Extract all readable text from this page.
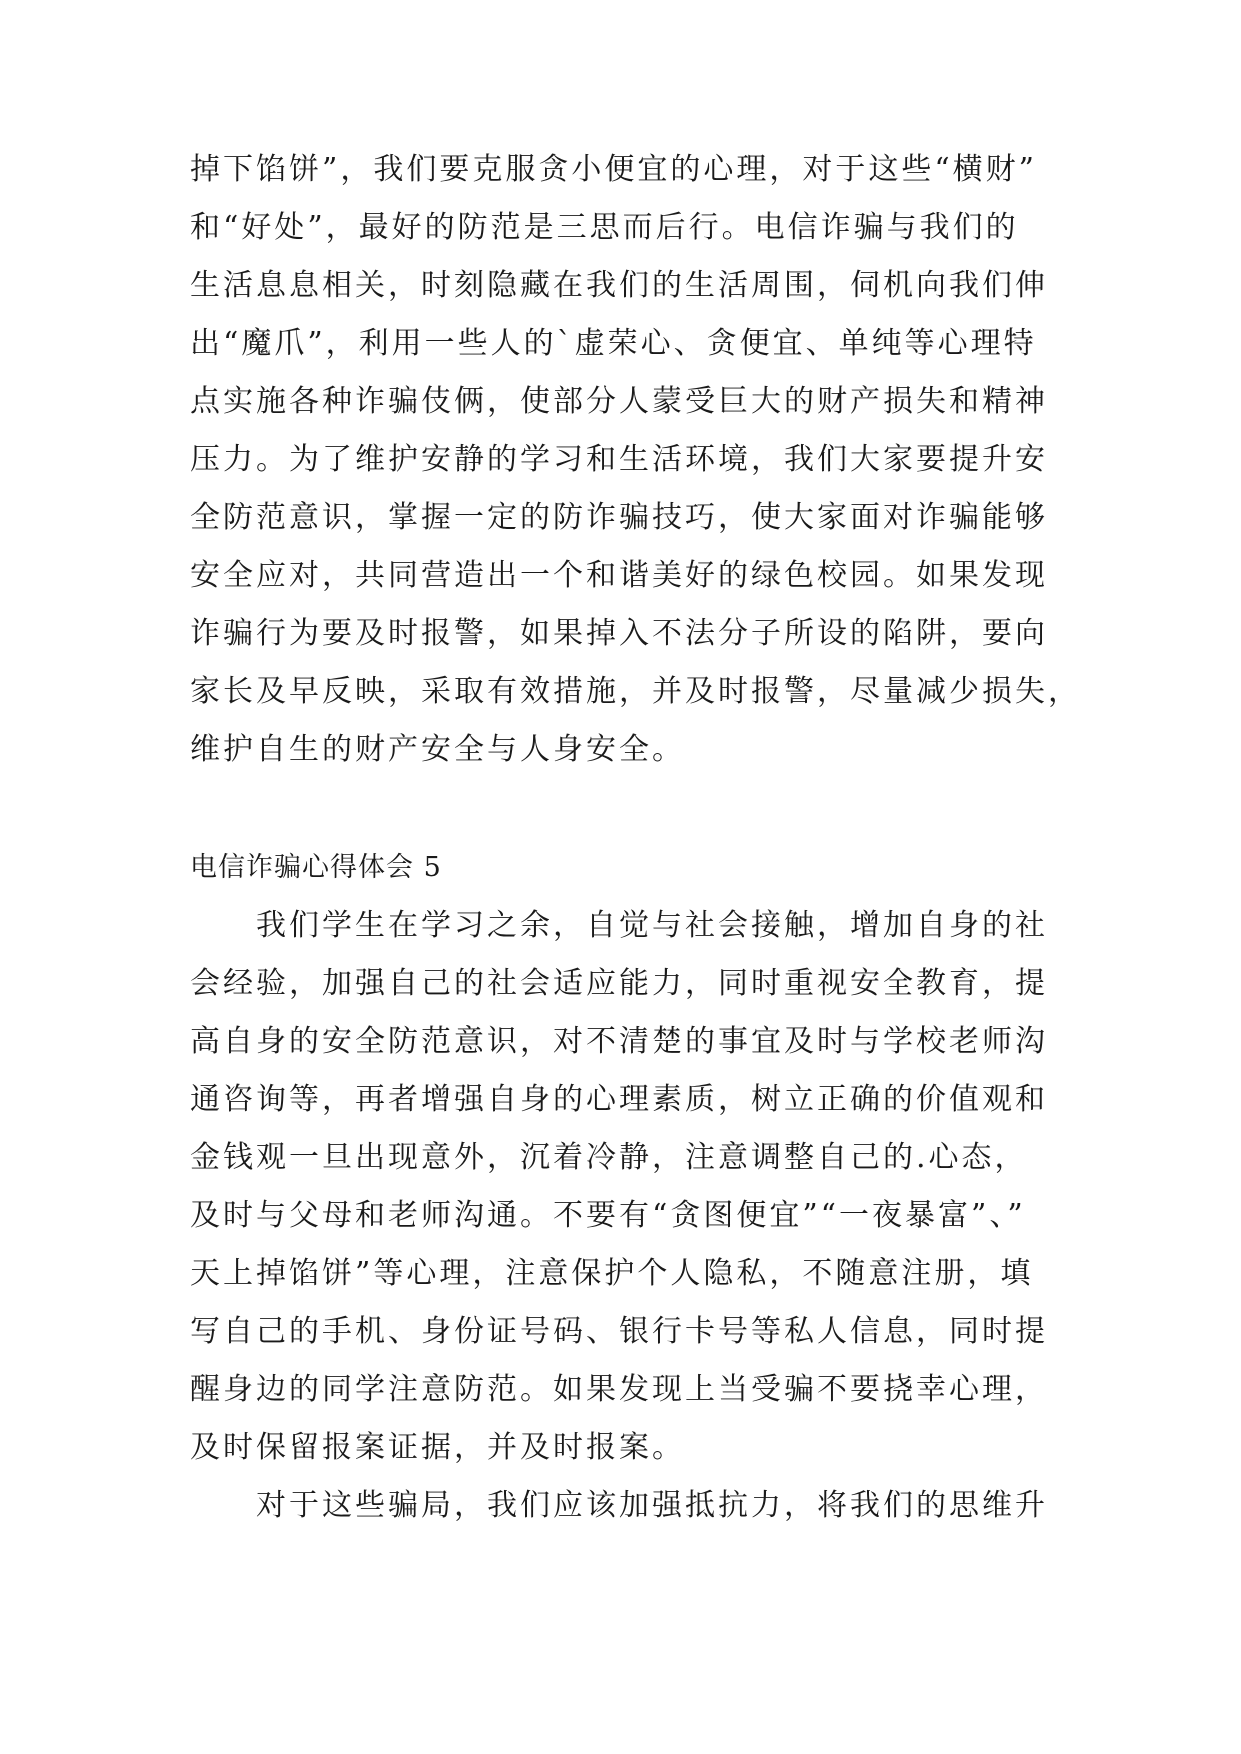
掉下馅饼”，我们要克服贪小便宜的心理，对于这些“横财”
和“好处”，最好的防范是三思而后行。电信诈骗与我们的
生活息息相关，时刻隐藏在我们的生活周围，伺机向我们伸
出“魔爪”，利用一些人的`虚荣心、贪便宜、单纯等心理特
点实施各种诈骗伎俩，使部分人蒙受巨大的财产损失和精神
压力。为了维护安静的学习和生活环境，我们大家要提升安
全防范意识，掌握一定的防诈骗技巧，使大家面对诈骗能够
安全应对，共同营造出一个和谐美好的绿色校园。如果发现
诈骗行为要及时报警，如果掉入不法分子所设的陷阱，要向
家长及早反映，采取有效措施，并及时报警，尽量减少损失，
维护自生的财产安全与人身安全。
电信诈骗心得体会 5
　　我们学生在学习之余，自觉与社会接触，增加自身的社
会经验，加强自己的社会适应能力，同时重视安全教育，提
高自身的安全防范意识，对不清楚的事宜及时与学校老师沟
通咨询等，再者增强自身的心理素质，树立正确的价值观和
金钱观一旦出现意外，沉着冷静，注意调整自己的.心态，
及时与父母和老师沟通。不要有“贪图便宜”“一夜暴富”、”
天上掉馅饼”等心理，注意保护个人隐私，不随意注册，填
写自己的手机、身份证号码、银行卡号等私人信息，同时提
醒身边的同学注意防范。如果发现上当受骗不要挠幸心理，
及时保留报案证据，并及时报案。
　　对于这些骗局，我们应该加强抵抗力，将我们的思维升
